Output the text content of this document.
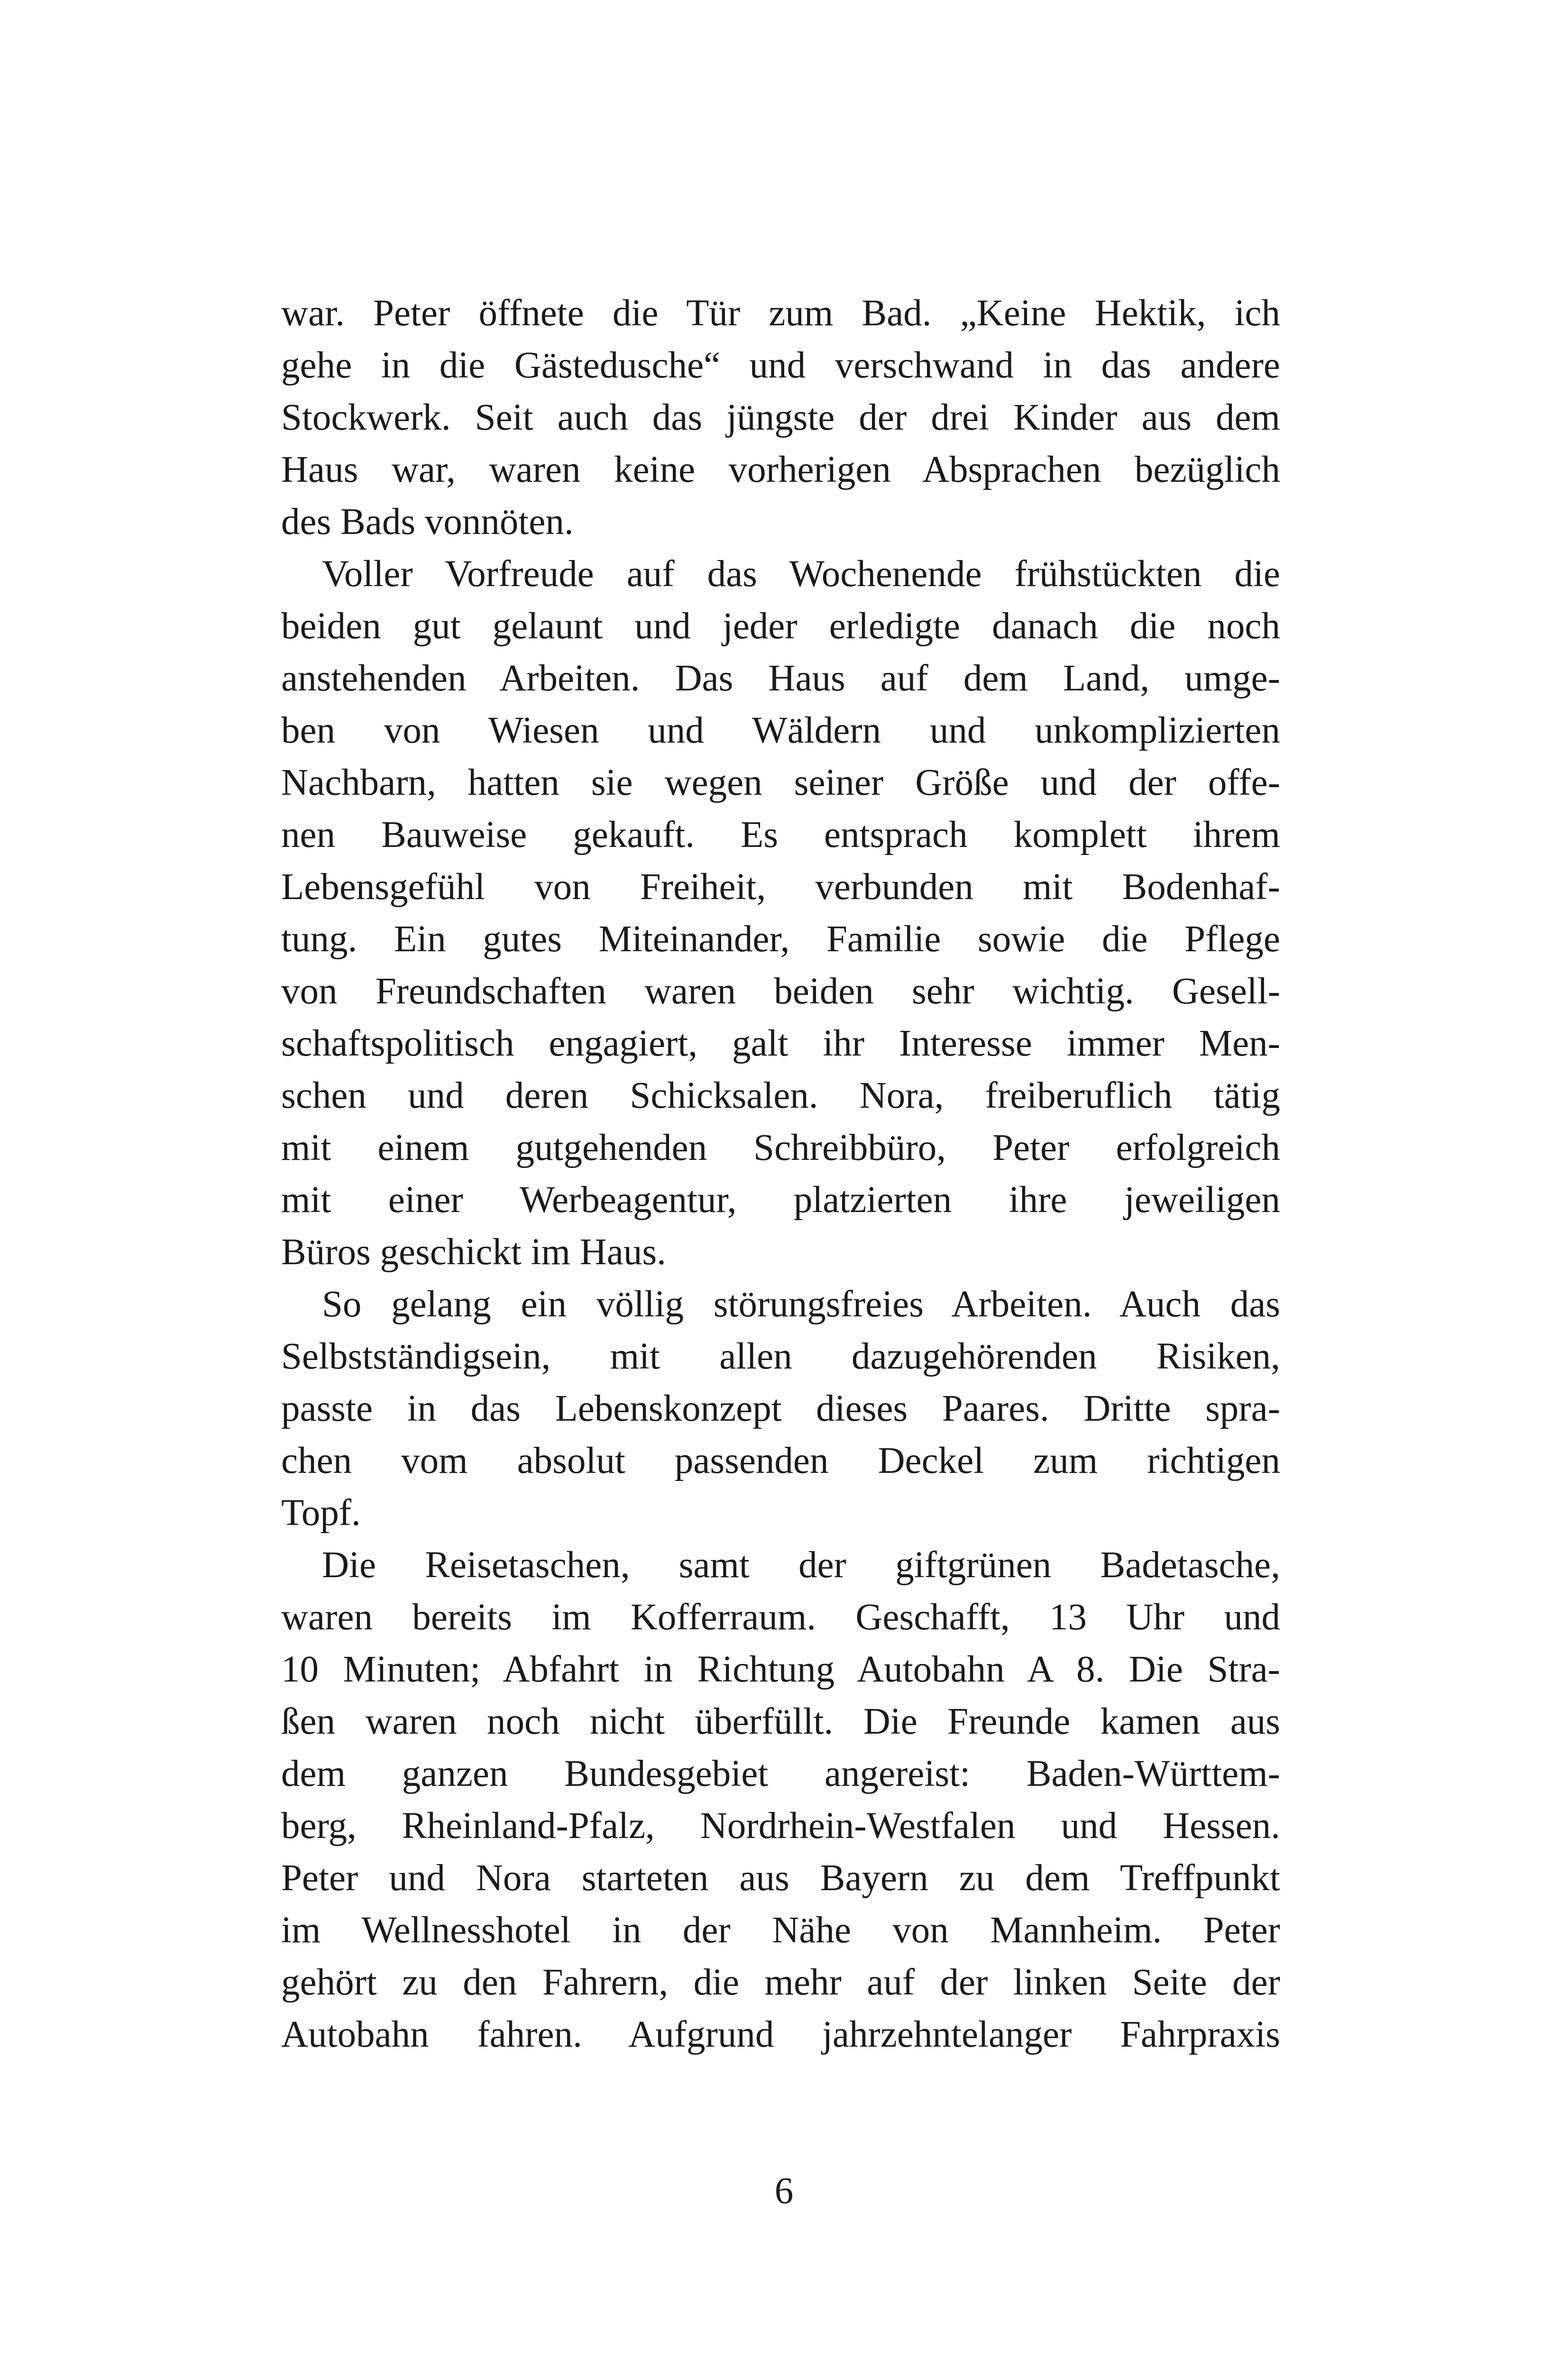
war. Peter öffnete die Tür zum Bad. „Keine Hektik, ich
gehe in die Gästedusche“ und verschwand in das andere
Stockwerk. Seit auch das jüngste der drei Kinder aus dem
Haus war, waren keine vorherigen Absprachen bezüglich
des Bads vonnöten.
Voller Vorfreude auf das Wochenende frühstückten die
beiden gut gelaunt und jeder erledigte danach die noch
anstehenden Arbeiten. Das Haus auf dem Land, umge-
ben von Wiesen und Wäldern und unkomplizierten
Nachbarn, hatten sie wegen seiner Größe und der offe-
nen Bauweise gekauft. Es entsprach komplett ihrem
Lebensgefühl von Freiheit, verbunden mit Bodenhaf-
tung. Ein gutes Miteinander, Familie sowie die Pflege
von Freundschaften waren beiden sehr wichtig. Gesell-
schaftspolitisch engagiert, galt ihr Interesse immer Men-
schen und deren Schicksalen. Nora, freiberuflich tätig
mit einem gutgehenden Schreibbüro, Peter erfolgreich
mit einer Werbeagentur, platzierten ihre jeweiligen
Büros geschickt im Haus.
So gelang ein völlig störungsfreies Arbeiten. Auch das
Selbstständigsein, mit allen dazugehörenden Risiken,
passte in das Lebenskonzept dieses Paares. Dritte spra-
chen vom absolut passenden Deckel zum richtigen
Topf.
Die Reisetaschen, samt der giftgrünen Badetasche,
waren bereits im Kofferraum. Geschafft, 13 Uhr und
10 Minuten; Abfahrt in Richtung Autobahn A 8. Die Stra-
ßen waren noch nicht überfüllt. Die Freunde kamen aus
dem ganzen Bundesgebiet angereist: Baden-Württem-
berg, Rheinland-Pfalz, Nordrhein-Westfalen und Hessen.
Peter und Nora starteten aus Bayern zu dem Treffpunkt
im Wellnesshotel in der Nähe von Mannheim. Peter
gehört zu den Fahrern, die mehr auf der linken Seite der
Autobahn fahren. Aufgrund jahrzehntelanger Fahrpraxis
6
